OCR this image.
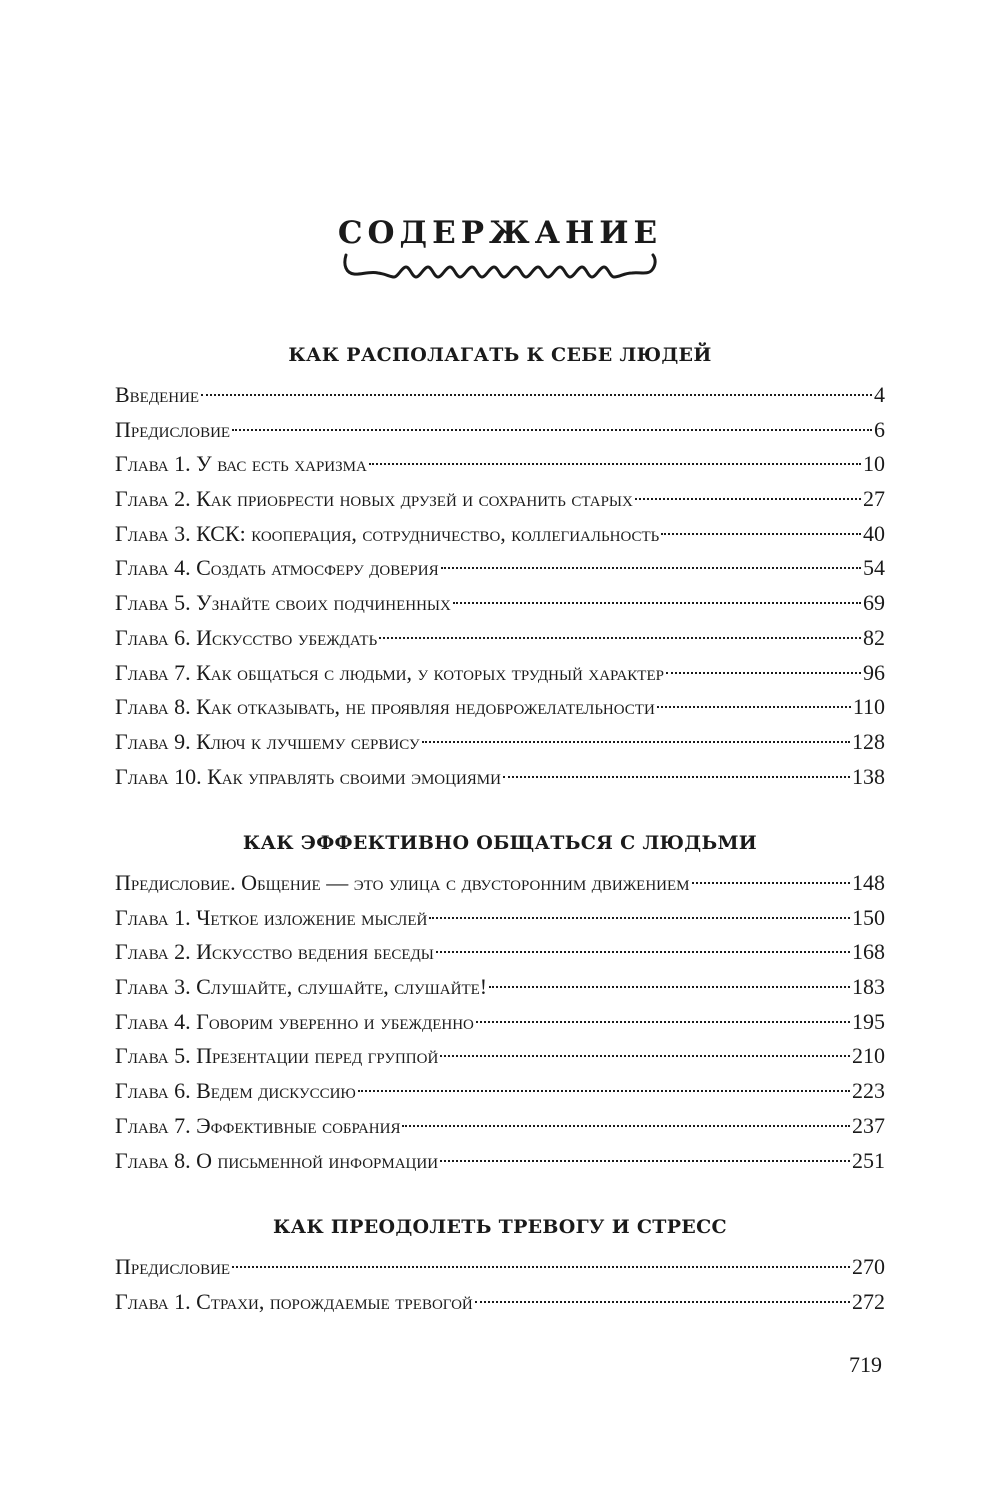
СОДЕРЖАНИЕ
КАК РАСПОЛАГАТЬ К СЕБЕ ЛЮДЕЙ
Введение	4
Предисловие	6
Глава 1. У вас есть харизма	10
Глава 2. Как приобрести новых друзей и сохранить старых	27
Глава 3. КСК: кооперация, сотрудничество, коллегиальность	40
Глава 4. Создать атмосферу доверия	54
Глава 5. Узнайте своих подчиненных	69
Глава 6. Искусство убеждать	82
Глава 7. Как общаться с людьми, у которых трудный характер	96
Глава 8. Как отказывать, не проявляя недоброжелательности	110
Глава 9. Ключ к лучшему сервису	128
Глава 10. Как управлять своими эмоциями	138
КАК ЭФФЕКТИВНО ОБЩАТЬСЯ С ЛЮДЬМИ
Предисловие. Общение — это улица с двусторонним движением	148
Глава 1. Четкое изложение мыслей	150
Глава 2. Искусство ведения беседы	168
Глава 3. Слушайте, слушайте, слушайте!	183
Глава 4. Говорим уверенно и убежденно	195
Глава 5. Презентации перед группой	210
Глава 6. Ведем дискуссию	223
Глава 7. Эффективные собрания	237
Глава 8. О письменной информации	251
КАК ПРЕОДОЛЕТЬ ТРЕВОГУ И СТРЕСС
Предисловие	270
Глава 1. Страхи, порождаемые тревогой	272
719
